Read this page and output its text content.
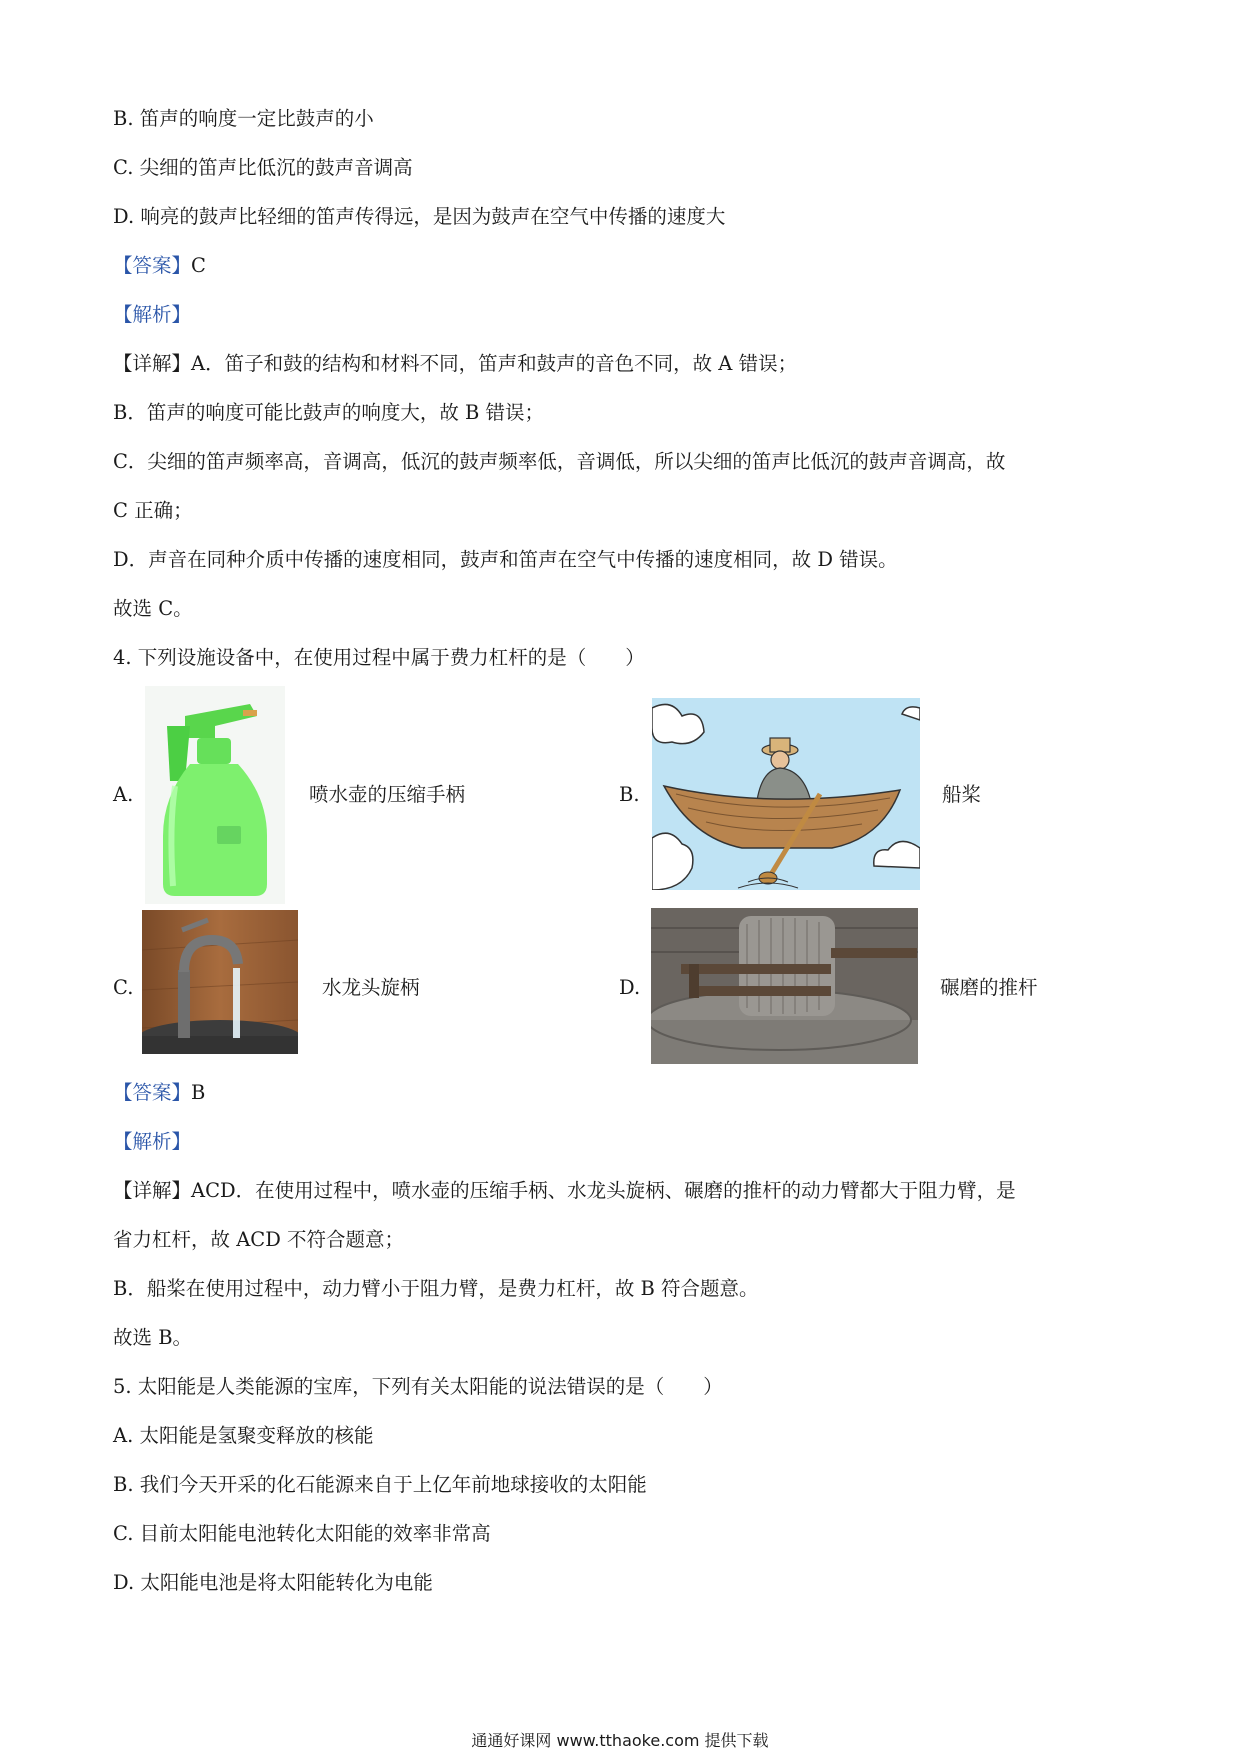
B. 笛声的响度一定比鼓声的小
C. 尖细的笛声比低沉的鼓声音调高
D. 响亮的鼓声比轻细的笛声传得远，是因为鼓声在空气中传播的速度大
【答案】C
【解析】
【详解】A．笛子和鼓的结构和材料不同，笛声和鼓声的音色不同，故 A 错误；
B．笛声的响度可能比鼓声的响度大，故 B 错误；
C．尖细的笛声频率高，音调高，低沉的鼓声频率低，音调低，所以尖细的笛声比低沉的鼓声音调高，故
C 正确；
D．声音在同种介质中传播的速度相同，鼓声和笛声在空气中传播的速度相同，故 D 错误。
故选 C。
4. 下列设施设备中，在使用过程中属于费力杠杆的是（　　）
A.	喷水壶的压缩手柄	B.	船桨
C.	水龙头旋柄	D.	碾磨的推杆
【答案】B
【解析】
【详解】ACD．在使用过程中，喷水壶的压缩手柄、水龙头旋柄、碾磨的推杆的动力臂都大于阻力臂，是
省力杠杆，故 ACD 不符合题意；
B．船桨在使用过程中，动力臂小于阻力臂，是费力杠杆，故 B 符合题意。
故选 B。
5. 太阳能是人类能源的宝库，下列有关太阳能的说法错误的是（　　）
A. 太阳能是氢聚变释放的核能
B. 我们今天开采的化石能源来自于上亿年前地球接收的太阳能
C. 目前太阳能电池转化太阳能的效率非常高
D. 太阳能电池是将太阳能转化为电能
通通好课网 www.tthaoke.com 提供下载
